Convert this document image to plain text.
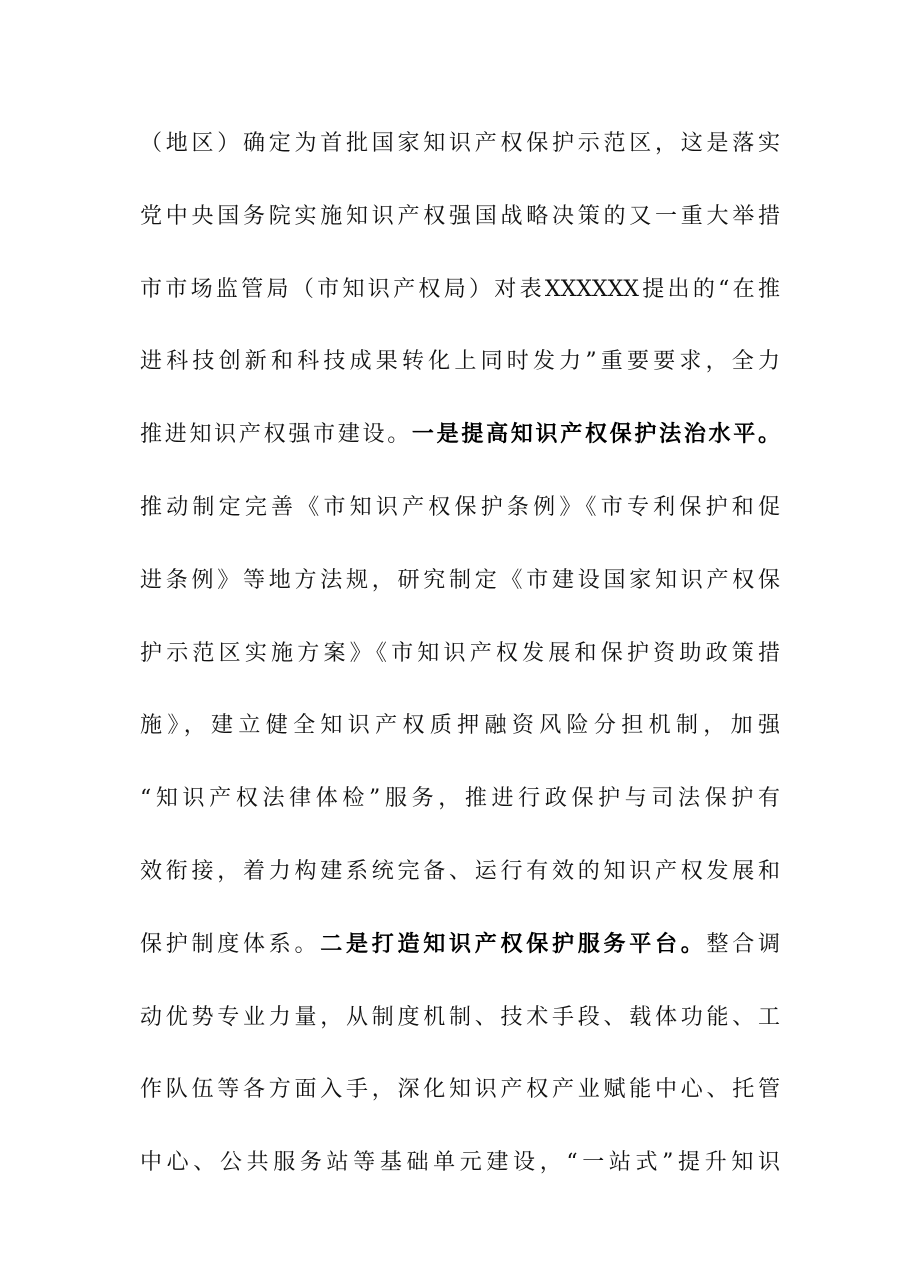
（地区）确定为首批国家知识产权保护示范区，这是落实
党中央国务院实施知识产权强国战略决策的又一重大举措
市市场监管局（市知识产权局）对表XXXXXX提出的“在推
进科技创新和科技成果转化上同时发力”重要要求，全力
推进知识产权强市建设。一是提高知识产权保护法治水平。
推动制定完善《市知识产权保护条例》《市专利保护和促
进条例》等地方法规，研究制定《市建设国家知识产权保
护示范区实施方案》《市知识产权发展和保护资助政策措
施》，建立健全知识产权质押融资风险分担机制，加强
“知识产权法律体检”服务，推进行政保护与司法保护有
效衔接，着力构建系统完备、运行有效的知识产权发展和
保护制度体系。二是打造知识产权保护服务平台。整合调
动优势专业力量，从制度机制、技术手段、载体功能、工
作队伍等各方面入手，深化知识产权产业赋能中心、托管
中心、公共服务站等基础单元建设，“一站式”提升知识
